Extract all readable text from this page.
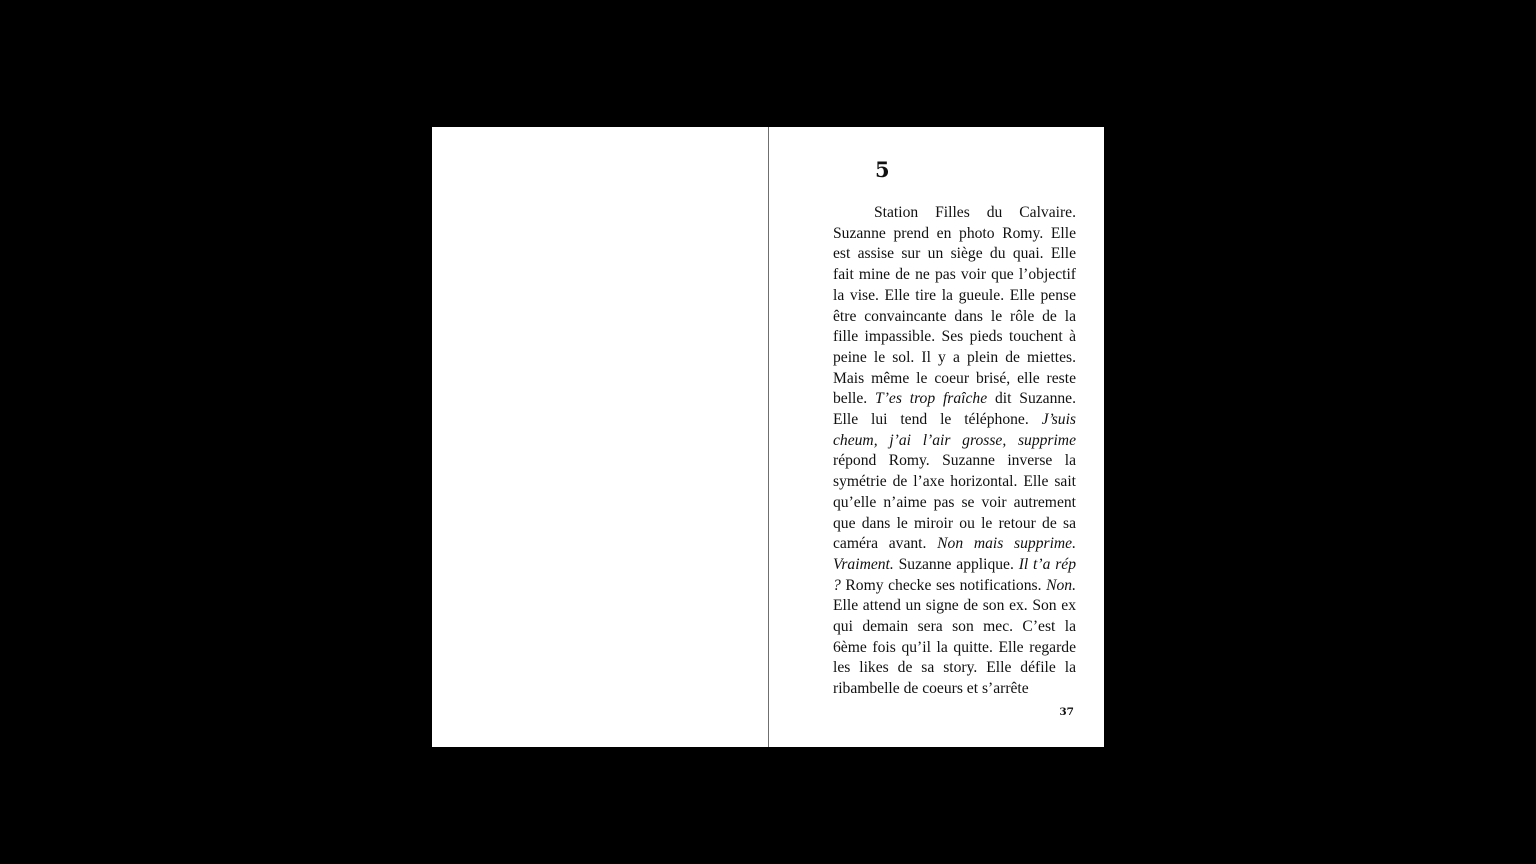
5

Station Filles du Calvaire. Suzanne prend en photo Romy. Elle est assise sur un siège du quai. Elle fait mine de ne pas voir que l’objectif la vise. Elle tire la gueule. Elle pense être convaincante dans le rôle de la fille impassible. Ses pieds touchent à peine le sol. Il y a plein de miettes. Mais même le coeur brisé, elle reste belle. T’es trop fraîche dit Suzanne. Elle lui tend le téléphone. J’suis cheum, j’ai l’air grosse, supprime répond Romy. Suzanne inverse la symétrie de l’axe horizontal. Elle sait qu’elle n’aime pas se voir autrement que dans le miroir ou le retour de sa caméra avant. Non mais supprime. Vraiment. Suzanne applique. Il t’a rép ? Romy checke ses notifications. Non. Elle attend un signe de son ex. Son ex qui demain sera son mec. C’est la 6ème fois qu’il la quitte. Elle regarde les likes de sa story. Elle défile la ribambelle de coeurs et s’arrête

37
